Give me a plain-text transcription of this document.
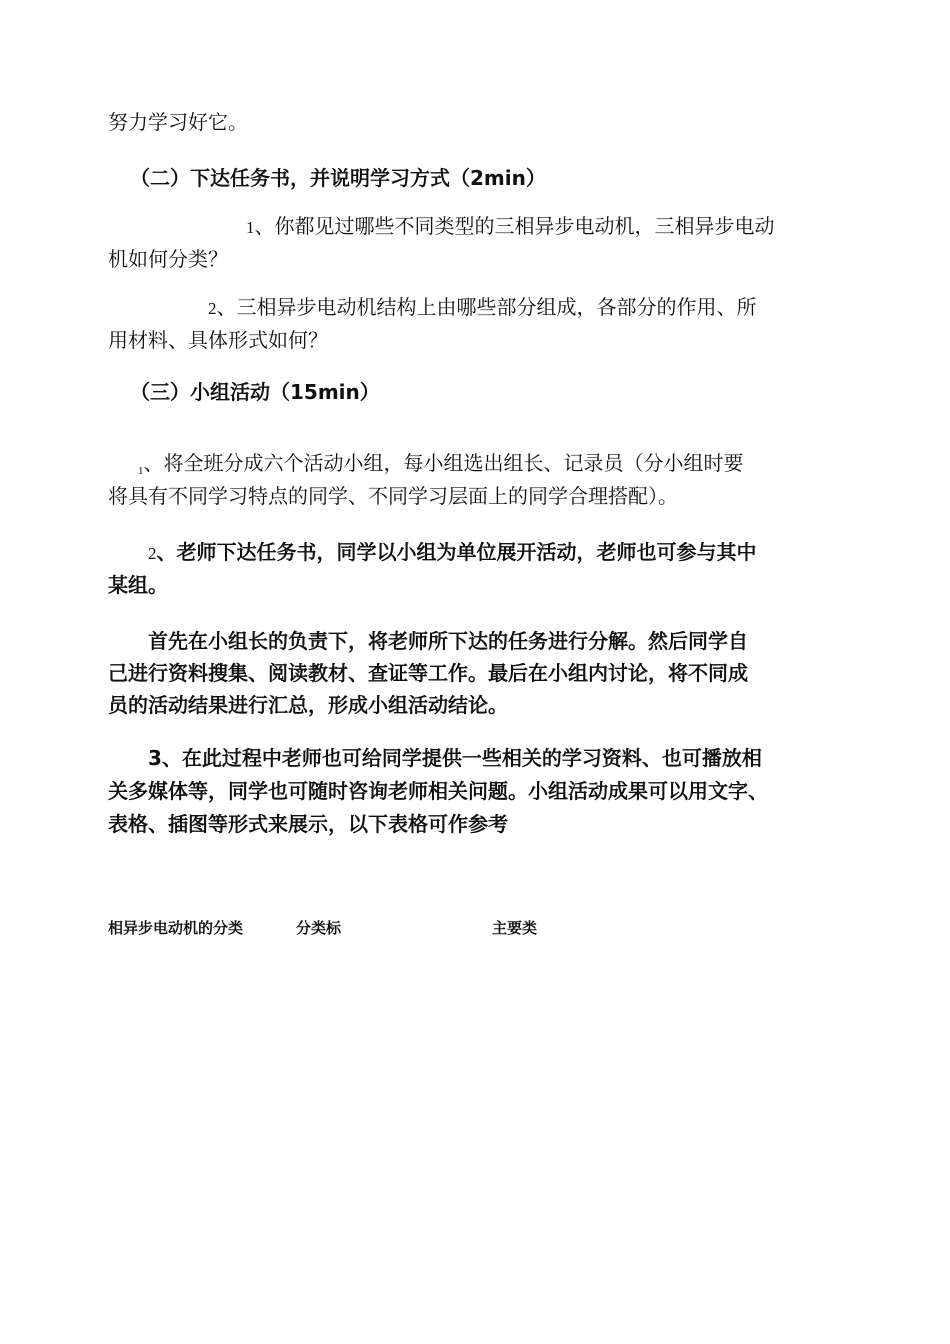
努力学习好它。
（二）下达任务书，并说明学习方式（2min）
1、你都见过哪些不同类型的三相异步电动机，三相异步电动
机如何分类？
2、三相异步电动机结构上由哪些部分组成，各部分的作用、所
用材料、具体形式如何？
（三）小组活动（15min）
$_1$、将全班分成六个活动小组，每小组选出组长、记录员（分小组时要
将具有不同学习特点的同学、不同学习层面上的同学合理搭配）。
2、老师下达任务书，同学以小组为单位展开活动，老师也可参与其中
某组。
首先在小组长的负责下，将老师所下达的任务进行分解。然后同学自
己进行资料搜集、阅读教材、查证等工作。最后在小组内讨论，将不同成
员的活动结果进行汇总，形成小组活动结论。
3、在此过程中老师也可给同学提供一些相关的学习资料、也可播放相
关多媒体等，同学也可随时咨询老师相关问题。小组活动成果可以用文字、
表格、插图等形式来展示，以下表格可作参考
相异步电动机的分类	分类标	主要类
